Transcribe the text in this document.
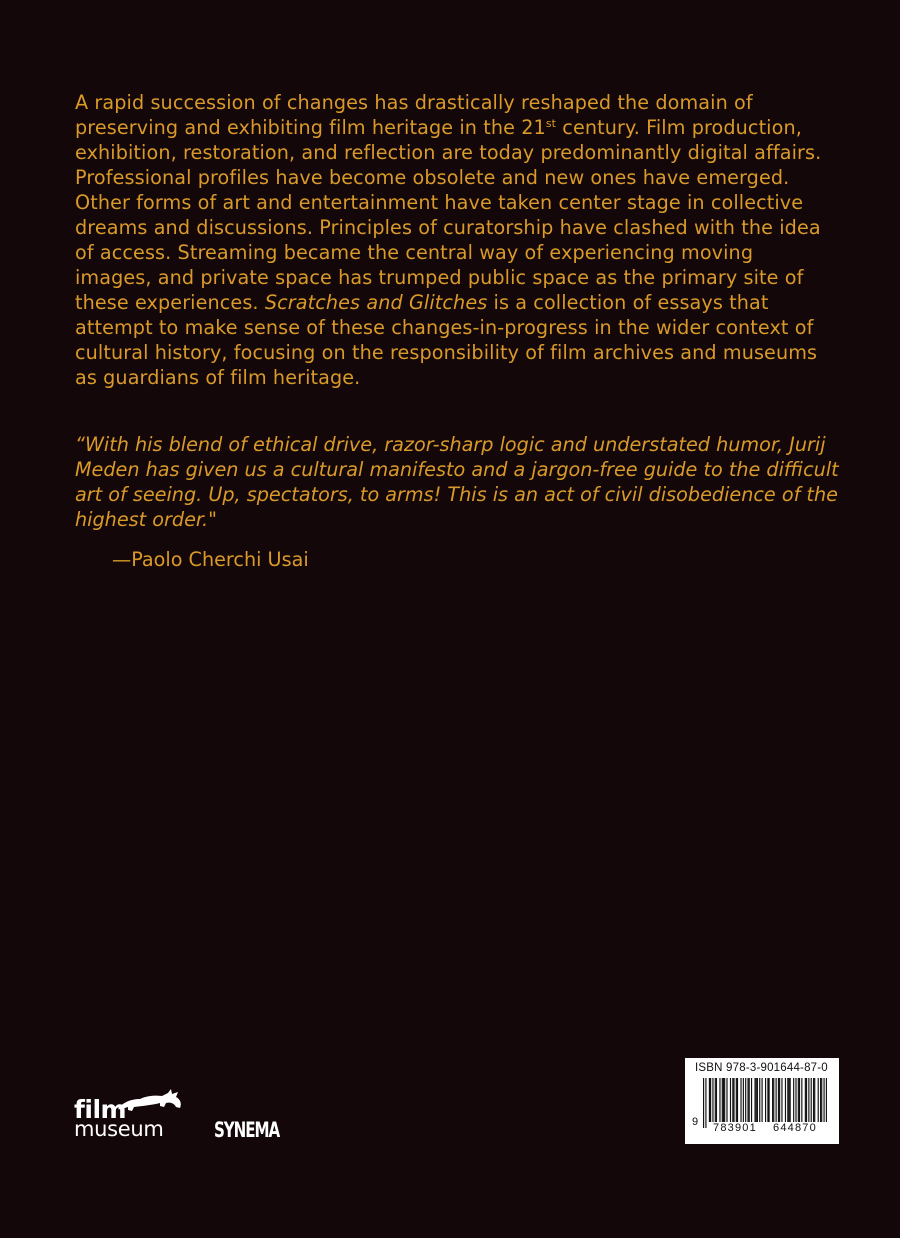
A rapid succession of changes has drastically reshaped the domain of preserving and exhibiting film heritage in the 21st century. Film production, exhibition, restoration, and reflection are today predominantly digital affairs. Professional profiles have become obsolete and new ones have emerged. Other forms of art and entertainment have taken center stage in collective dreams and discussions. Principles of curatorship have clashed with the idea of access. Streaming became the central way of experiencing moving images, and private space has trumped public space as the primary site of these experiences. Scratches and Glitches is a collection of essays that attempt to make sense of these changes-in-progress in the wider context of cultural history, focusing on the responsibility of film archives and museums as guardians of film heritage.

“With his blend of ethical drive, razor-sharp logic and understated humor, Jurij Meden has given us a cultural manifesto and a jargon-free guide to the difficult art of seeing. Up, spectators, to arms! This is an act of civil disobedience of the highest order."

—Paolo Cherchi Usai

film
museum SYNEMA

ISBN 978-3-901644-87-0

9 783901 644870
